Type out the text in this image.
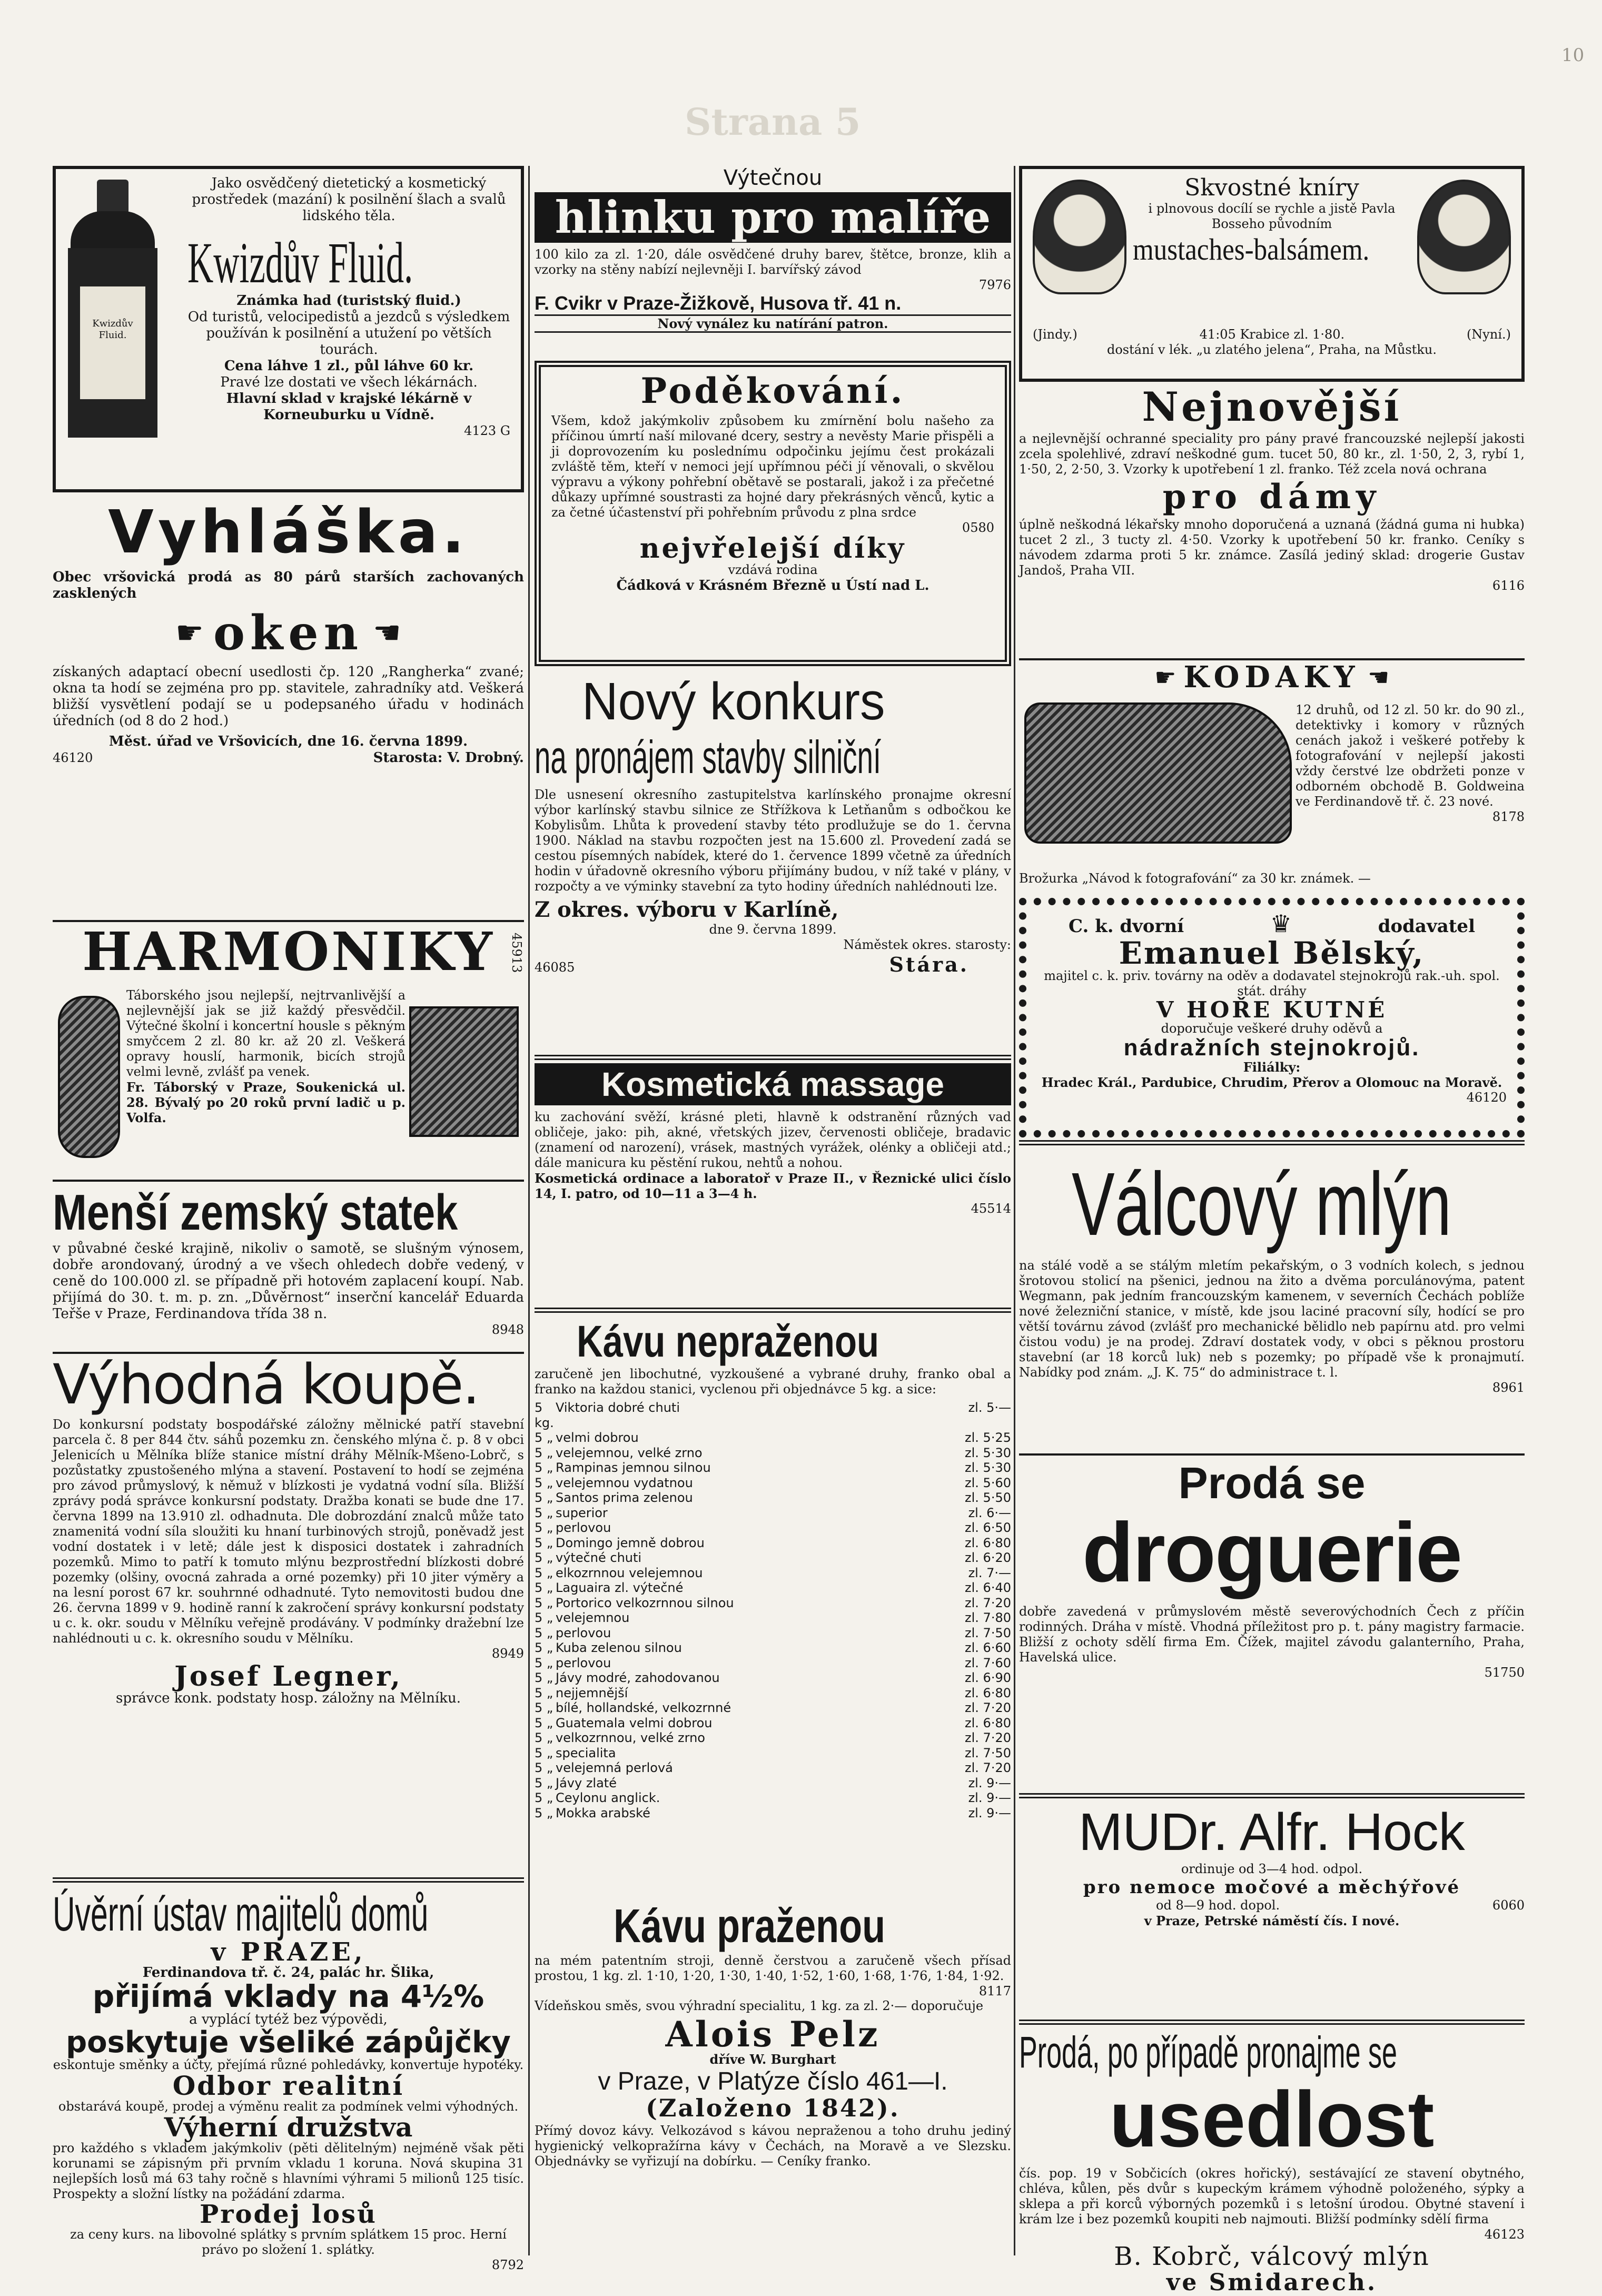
Strana 5
10
Kwizdův Fluid.

Jako osvědčený dietetický a kosmetický prostředek (mazání) k posilnění šlach a svalů lidského těla.

Kwizdův Fluid.

Známka had (turistský fluid.)

Od turistů, velocipedistů a jezdců s výsledkem používán k posilnění a utužení po větších tourách.

Cena láhve 1 zl., půl láhve 60 kr.

Pravé lze dostati ve všech lékárnách.

Hlavní sklad v krajské lékárně v Korneuburku u Vídně.

4123 G

Vyhláška.

Obec vršovická prodá as 80 párů starších zachovaných zasklených

☛ oken ☛

získaných adaptací obecní usedlosti čp. 120 „Rangherka“ zvané; okna ta hodí se zejména pro pp. stavitele, zahradníky atd. Veškerá bližší vysvětlení podají se u podepsaného úřadu v hodinách úředních (od 8 do 2 hod.)

Měst. úřad ve Vršovicích, dne 16. června 1899.

46120	Starosta: V. Drobný.
HARMONIKY	45913

Táborského jsou nejlepší, nejtrvanlivější a nejlevnější jak se již každý přesvědčil. Výtečné školní i koncertní housle s pěkným smyčcem 2 zl. 80 kr. až 20 zl. Veškerá opravy houslí, harmonik, bicích strojů velmi levně, zvlášť pa venek.

Fr. Táborský v Praze, Soukenická ul. 28. Bývalý po 20 roků první ladič u p. Volfa.

Menší zemský statek

v půvabné české krajině, nikoliv o samotě, se slušným výnosem, dobře arondovaný, úrodný a ve všech ohledech dobře vedený, v ceně do 100.000 zl. se případně při hotovém zaplacení koupí. Nab. přijímá do 30. t. m. p. zn. „Důvěrnost“ inserční kancelář Eduarda Teřše v Praze, Ferdinandova třída 38 n.

8948

Výhodná koupě.

Do konkursní podstaty bospodářské záložny mělnické patří stavební parcela č. 8 per 844 čtv. sáhů pozemku zn. čenského mlýna č. p. 8 v obci Jelenicích u Mělníka blíže stanice místní dráhy Mělník-Mšeno-Lobrč, s pozůstatky zpustošeného mlýna a stavení. Postavení to hodí se zejména pro závod průmyslový, k němuž v blízkosti je vydatná vodní síla. Bližší zprávy podá správce konkursní podstaty. Dražba konati se bude dne 17. června 1899 na 13.910 zl. odhadnuta. Dle dobrozdání znalců může tato znamenitá vodní síla sloužiti ku hnaní turbinových strojů, poněvadž jest vodní dostatek i v letě; dále jest k disposici dostatek i zahradních pozemků. Mimo to patří k tomuto mlýnu bezprostřední blízkosti dobré pozemky (olšiny, ovocná zahrada a orné pozemky) při 10 jiter výměry a na lesní porost 67 kr. souhrnné odhadnuté. Tyto nemovitosti budou dne 26. června 1899 v 9. hodině ranní k zakročení správy konkursní podstaty u c. k. okr. soudu v Mělníku veřejně prodávány. V podmínky dražební lze nahlédnouti u c. k. okresního soudu v Mělníku.

8949

Josef Legner,

správce konk. podstaty hosp. záložny na Mělníku.

Úvěrní ústav majitelů domů
v PRAZE,

Ferdinandova tř. č. 24, palác hr. Šlika,

přijímá vklady na 4½%

a vyplácí tytéž bez výpovědi,

poskytuje všeliké zápůjčky

eskontuje směnky a účty, přejímá různé pohledávky, konvertuje hypotéky.

Odbor realitní

obstarává koupě, prodej a výměnu realit za podmínek velmi výhodných.

Výherní družstva

pro každého s vkladem jakýmkoliv (pěti dělitelným) nejméně však pěti korunami se zápisným při prvním vkladu 1 koruna. Nová skupina 31 nejlepších losů má 63 tahy ročně s hlavními výhrami 5 milionů 125 tisíc. Prospekty a složní lístky na požádání zdarma.

Prodej losů

za ceny kurs. na libovolné splátky s prvním splátkem 15 proc. Herní právo po složení 1. splátky.

8792

Výtečnou

hlinku pro malíře

100 kilo za zl. 1·20, dále osvědčené druhy barev, štětce, bronze, klih a vzorky na stěny nabízí nejlevněji I. barvířský závod

7976

F. Cvikr v Praze-Žižkově, Husova tř. 41 n.

Nový vynález ku natírání patron.

Poděkování.

Všem, kdož jakýmkoliv způsobem ku zmírnění bolu našeho za příčinou úmrtí naší milované dcery, sestry a nevěsty Marie přispěli a ji doprovozením ku poslednímu odpočinku jejímu čest prokázali zvláště těm, kteří v nemoci její upřímnou péči jí věnovali, o skvělou výpravu a výkony pohřební obětavě se postarali, jakož i za přečetné důkazy upřímné soustrasti za hojné dary překrásných věnců, kytic a za četné účastenství při pohřebním průvodu z plna srdce

0580

nejvřelejší díky

vzdává rodina

Čádková v Krásném Březně u Ústí nad L.

Nový konkurs
na pronájem stavby silniční

Dle usnesení okresního zastupitelstva karlínského pronajme okresní výbor karlínský stavbu silnice ze Střížkova k Letňanům s odbočkou ke Kobylisům. Lhůta k provedení stavby této prodlužuje se do 1. června 1900. Náklad na stavbu rozpočten jest na 15.600 zl. Provedení zadá se cestou písemných nabídek, které do 1. července 1899 včetně za úředních hodin v úřadovně okresního výboru přijímány budou, v níž také v plány, v rozpočty a ve výminky stavební za tyto hodiny úředních nahlédnouti lze.

Z okres. výboru v Karlíně,

dne 9. června 1899.

Náměstek okres. starosty:

46085	Stára.
Kosmetická massage

ku zachování svěží, krásné pleti, hlavně k odstranění různých vad obličeje, jako: pih, akné, vřetských jizev, červenosti obličeje, bradavic (znamení od narození), vrásek, mastných vyrážek, olénky a obličeji atd.; dále manicura ku pěstění rukou, nehtů a nohou.

Kosmetická ordinace a laboratoř v Praze II., v Řeznické ulici číslo 14, I. patro, od 10—11 a 3—4 h.

45514

Kávu nepraženou

zaručeně jen libochutné, vyzkoušené a vybrané druhy, franko obal a franko na každou stanici, vyclenou při objednávce 5 kg. a sice:

5 kg.
Viktoria dobré chuti	zl. 5·—
5 „ velmi dobrou	zl. 5·25
5 „ velejemnou, velké zrno	zl. 5·30
5 „ Rampinas jemnou silnou	zl. 5·30
5 „ velejemnou vydatnou	zl. 5·60
5 „ Santos prima zelenou	zl. 5·50
5 „ superior	zl. 6·—
5 „ perlovou	zl. 6·50
5 „ Domingo jemně dobrou	zl. 6·80
5 „ výtečné chuti	zl. 6·20
5 „ elkozrnnou velejemnou	zl. 7·—
5 „ Laguaira zl. výtečné	zl. 6·40
5 „ Portorico velkozrnnou silnou	zl. 7·20
5 „ velejemnou	zl. 7·80
5 „ perlovou	zl. 7·50
5 „ Kuba zelenou silnou	zl. 6·60
5 „ perlovou	zl. 7·60
5 „ Jávy modré, zahodovanou	zl. 6·90
5 „ nejjemnější	zl. 6·80
5 „ bílé, hollandské, velkozrnné	zl. 7·20
5 „ Guatemala velmi dobrou	zl. 6·80
5 „ velkozrnnou, velké zrno	zl. 7·20
5 „ specialita	zl. 7·50
5 „ velejemná perlová	zl. 7·20
5 „ Jávy zlaté	zl. 9·—
5 „ Ceylonu anglick.	zl. 9·—
5 „ Mokka arabské	zl. 9·—
Kávu praženou

na mém patentním stroji, denně čerstvou a zaručeně všech přísad prostou, 1 kg. zl. 1·10, 1·20, 1·30, 1·40, 1·52, 1·60, 1·68, 1·76, 1·84, 1·92.

8117

Vídeňskou směs, svou výhradní specialitu, 1 kg. za zl. 2·— doporučuje

Alois Pelz

dříve W. Burghart

v Praze, v Platýze číslo 461—I.

(Založeno 1842).

Přímý dovoz kávy. Velkozávod s kávou nepraženou a toho druhu jediný hygienický velkopražírna kávy v Čechách, na Moravě a ve Slezsku. Objednávky se vyřizují na dobírku. — Ceníky franko.

Skvostné kníry

i plnovous docílí se rychle a jistě Pavla Bosseho původním

mustaches-balsámem.
(Jindy.)	41:05 Krabice zl. 1·80.	(Nyní.)

dostání v lék. „u zlatého jelena“, Praha, na Můstku.

Nejnovější

a nejlevnější ochranné speciality pro pány pravé francouzské nejlepší jakosti zcela spolehlivé, zdraví neškodné gum. tucet 50, 80 kr., zl. 1·50, 2, 3, rybí 1, 1·50, 2, 2·50, 3. Vzorky k upotřebení 1 zl. franko. Též zcela nová ochrana

pro dámy

úplně neškodná lékařsky mnoho doporučená a uznaná (žádná guma ni hubka) tucet 2 zl., 3 tucty zl. 4·50. Vzorky k upotřebení 50 kr. franko. Ceníky s návodem zdarma proti 5 kr. známce. Zasílá jediný sklad: drogerie Gustav Jandoš, Praha VII.

6116

☛ KODAKY ☛

12 druhů, od 12 zl. 50 kr. do 90 zl., detektivky i komory v různých cenách jakož i veškeré potřeby k fotografování v nejlepší jakosti vždy čerstvé lze obdržeti ponze v odborném obchodě B. Goldweina ve Ferdinandově tř. č. 23 nové.

8178

Brožurka „Návod k fotografování“ za 30 kr. známek. —

C. k. dvorní	♛	dodavatel
Emanuel Bělský,

majitel c. k. priv. továrny na oděv a dodavatel stejnokrojů rak.-uh. spol. stát. dráhy

V HOŘE KUTNÉ

doporučuje veškeré druhy oděvů a

nádražních stejnokrojů.

Filiálky:

Hradec Král., Pardubice, Chrudim, Přerov a Olomouc na Moravě.

46120

Válcový mlýn

na stálé vodě a se stálým mletím pekařským, o 3 vodních kolech, s jednou šrotovou stolicí na pšenici, jednou na žito a dvěma porculánovýma, patent Wegmann, pak jedním francouzským kamenem, v severních Čechách poblíže nové železniční stanice, v místě, kde jsou laciné pracovní síly, hodící se pro větší továrnu závod (zvlášť pro mechanické bělidlo neb papírnu atd. pro velmi čistou vodu) je na prodej. Zdraví dostatek vody, v obci s pěknou prostoru stavební (ar 18 korců luk) neb s pozemky; po případě vše k pronajmutí. Nabídky pod znám. „J. K. 75“ do administrace t. l.

8961

Prodá se
droguerie

dobře zavedená v průmyslovém městě severovýchodních Čech z příčin rodinných. Dráha v místě. Vhodná příležitost pro p. t. pány magistry farmacie. Bližší z ochoty sdělí firma Em. Čížek, majitel závodu galanterního, Praha, Havelská ulice.

51750

MUDr. Alfr. Hock

ordinuje od 3—4 hod. odpol.

pro nemoce močové a měchýřové

od 8—9 hod. dopol.	6060

v Praze, Petrské náměstí čís. I nové.

Prodá, po případě pronajme se
usedlost

čís. pop. 19 v Sobčicích (okres hořický), sestávající ze stavení obytného, chléva, kůlen, pěs dvůr s kupeckým krámem výhodně položeného, sýpky a sklepa a při korců výborných pozemků i s letošní úrodou. Obytné stavení i krám lze i bez pozemků koupiti neb najmouti. Bližší podmínky sdělí firma

46123

B. Kobrč, válcový mlýn

ve Smidarech.
